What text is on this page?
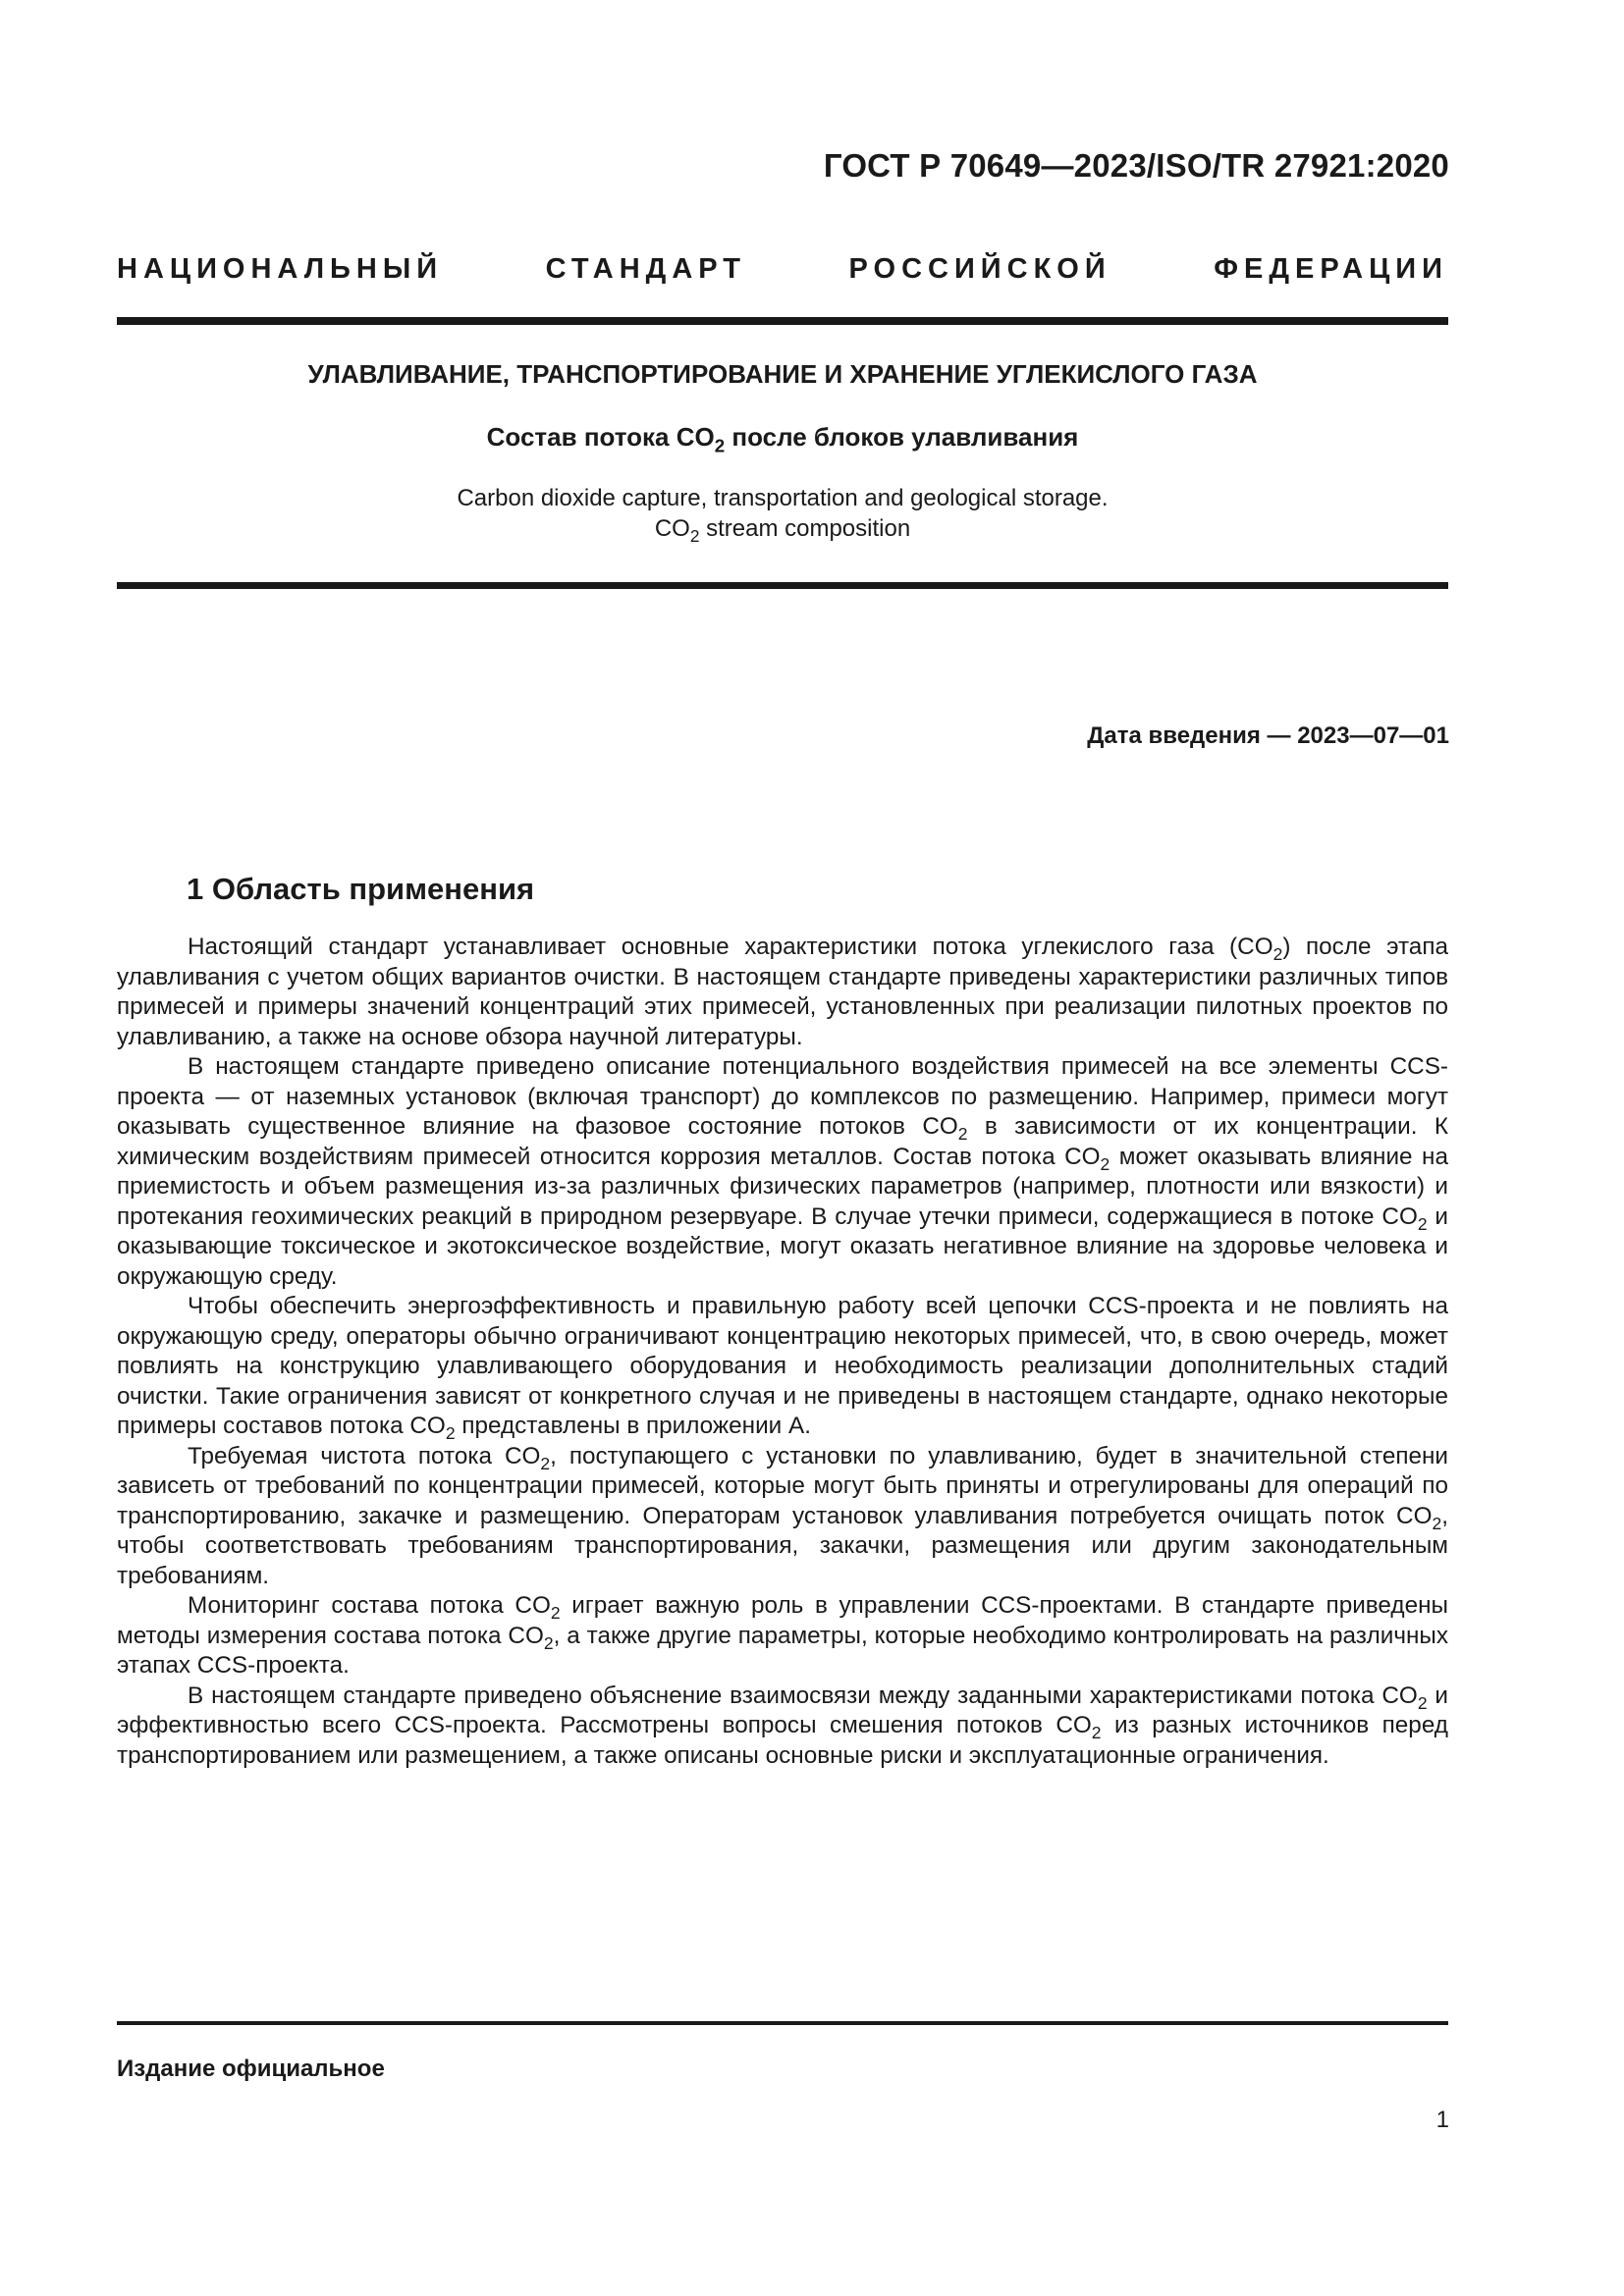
ГОСТ Р 70649—2023/ISO/TR 27921:2020
НАЦИОНАЛЬНЫЙ СТАНДАРТ РОССИЙСКОЙ ФЕДЕРАЦИИ
УЛАВЛИВАНИЕ, ТРАНСПОРТИРОВАНИЕ И ХРАНЕНИЕ УГЛЕКИСЛОГО ГАЗА
Состав потока $CO_2$ после блоков улавливания
Carbon dioxide capture, transportation and geological storage.
$CO_2$ stream composition
Дата введения — 2023—07—01
1 Область применения

Настоящий стандарт устанавливает основные характеристики потока углекислого газа $(CO_2)$ после этапа улавливания с учетом общих вариантов очистки. В настоящем стандарте приведены характеристики различных типов примесей и примеры значений концентраций этих примесей, установленных при реализации пилотных проектов по улавливанию, а также на основе обзора научной литературы.

В настоящем стандарте приведено описание потенциального воздействия примесей на все элементы CCS-проекта — от наземных установок (включая транспорт) до комплексов по размещению. Например, примеси могут оказывать существенное влияние на фазовое состояние потоков $CO_2$ в зависимости от их концентрации. К химическим воздействиям примесей относится коррозия металлов. Состав потока $CO_2$ может оказывать влияние на приемистость и объем размещения из-за различных физических параметров (например, плотности или вязкости) и протекания геохимических реакций в природном резервуаре. В случае утечки примеси, содержащиеся в потоке $CO_2$ и оказывающие токсическое и экотоксическое воздействие, могут оказать негативное влияние на здоровье человека и окружающую среду.

Чтобы обеспечить энергоэффективность и правильную работу всей цепочки CCS-проекта и не повлиять на окружающую среду, операторы обычно ограничивают концентрацию некоторых примесей, что, в свою очередь, может повлиять на конструкцию улавливающего оборудования и необходимость реализации дополнительных стадий очистки. Такие ограничения зависят от конкретного случая и не приведены в настоящем стандарте, однако некоторые примеры составов потока $CO_2$ представлены в приложении А.

Требуемая чистота потока $CO_2$, поступающего с установки по улавливанию, будет в значительной степени зависеть от требований по концентрации примесей, которые могут быть приняты и отрегулированы для операций по транспортированию, закачке и размещению. Операторам установок улавливания потребуется очищать поток $CO_2$, чтобы соответствовать требованиям транспортирования, закачки, размещения или другим законодательным требованиям.

Мониторинг состава потока $CO_2$ играет важную роль в управлении CCS-проектами. В стандарте приведены методы измерения состава потока $CO_2$, а также другие параметры, которые необходимо контролировать на различных этапах CCS-проекта.

В настоящем стандарте приведено объяснение взаимосвязи между заданными характеристиками потока $CO_2$ и эффективностью всего CCS-проекта. Рассмотрены вопросы смешения потоков $CO_2$ из разных источников перед транспортированием или размещением, а также описаны основные риски и эксплуатационные ограничения.

Издание официальное
1
